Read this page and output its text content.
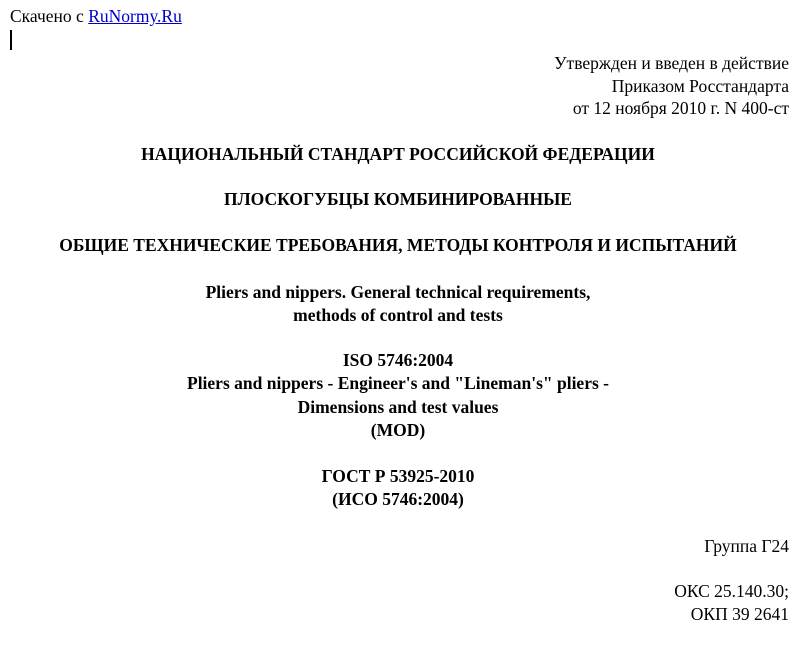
Скачено с RuNormy.Ru
Утвержден и введен в действие
Приказом Росстандарта
от 12 ноября 2010 г. N 400-ст
НАЦИОНАЛЬНЫЙ СТАНДАРТ РОССИЙСКОЙ ФЕДЕРАЦИИ
ПЛОСКОГУБЦЫ КОМБИНИРОВАННЫЕ
ОБЩИЕ ТЕХНИЧЕСКИЕ ТРЕБОВАНИЯ, МЕТОДЫ КОНТРОЛЯ И ИСПЫТАНИЙ
Pliers and nippers. General technical requirements,
methods of control and tests
ISO 5746:2004
Pliers and nippers - Engineer's and "Lineman's" pliers -
Dimensions and test values
(MOD)
ГОСТ Р 53925-2010
(ИСО 5746:2004)
Группа Г24
ОКС 25.140.30;
ОКП 39 2641
